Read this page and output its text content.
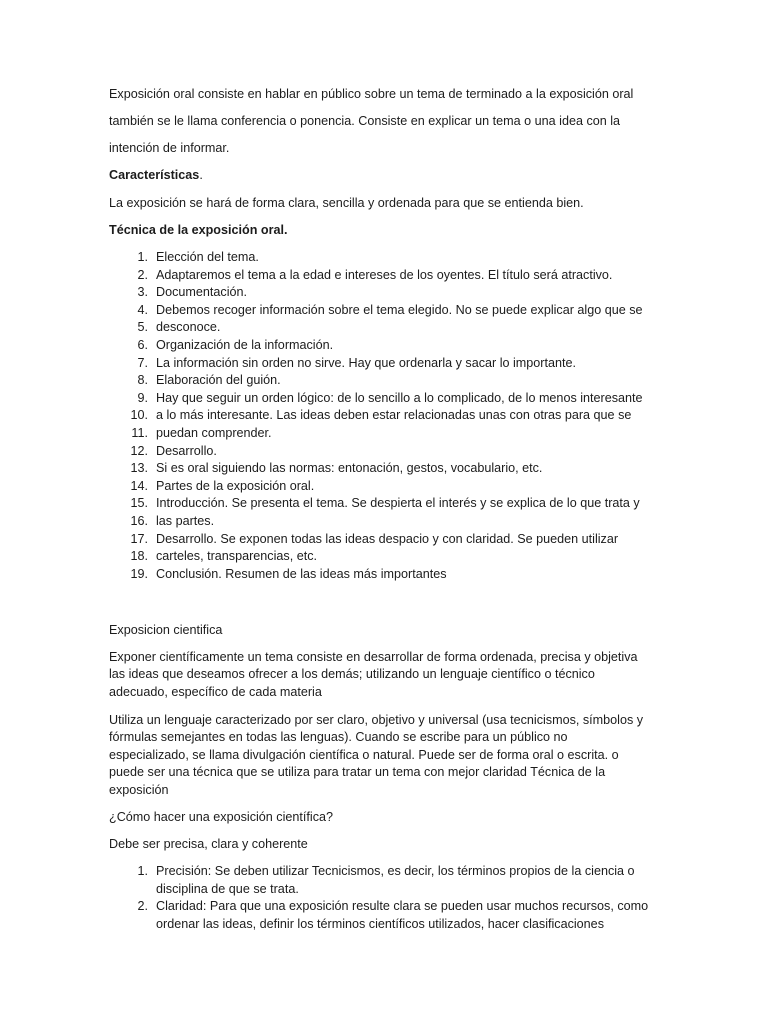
Exposición oral consiste en hablar en público sobre un tema de terminado a la exposición oral
también se le llama conferencia o ponencia. Consiste en explicar un tema o una idea con la
intención de informar.
Características.
La exposición se hará de forma clara, sencilla y ordenada para que se entienda bien.
Técnica de la exposición oral.
1. Elección del tema.
2. Adaptaremos el tema a la edad e intereses de los oyentes. El título será atractivo.
3. Documentación.
4. Debemos recoger información sobre el tema elegido. No se puede explicar algo que se
5. desconoce.
6. Organización de la información.
7. La información sin orden no sirve. Hay que ordenarla y sacar lo importante.
8. Elaboración del guión.
9. Hay que seguir un orden lógico: de lo sencillo a lo complicado, de lo menos interesante
10. a lo más interesante. Las ideas deben estar relacionadas unas con otras para que se
11. puedan comprender.
12. Desarrollo.
13. Si es oral siguiendo las normas: entonación, gestos, vocabulario, etc.
14. Partes de la exposición oral.
15. Introducción. Se presenta el tema. Se despierta el interés y se explica de lo que trata y
16. las partes.
17. Desarrollo. Se exponen todas las ideas despacio y con claridad. Se pueden utilizar
18. carteles, transparencias, etc.
19. Conclusión. Resumen de las ideas más importantes
Exposicion cientifica
Exponer científicamente un tema consiste en desarrollar de forma ordenada, precisa y objetiva
las ideas que deseamos ofrecer a los demás; utilizando un lenguaje científico o técnico
adecuado, específico de cada materia
Utiliza un lenguaje caracterizado por ser claro, objetivo y universal (usa tecnicismos, símbolos y
fórmulas semejantes en todas las lenguas). Cuando se escribe para un público no
especializado, se llama divulgación científica o natural. Puede ser de forma oral o escrita. o
puede ser una técnica que se utiliza para tratar un tema con mejor claridad Técnica de la
exposición
¿Cómo hacer una exposición científica?
Debe ser precisa, clara y coherente
1. Precisión: Se deben utilizar Tecnicismos, es decir, los términos propios de la ciencia o
disciplina de que se trata.
2. Claridad: Para que una exposición resulte clara se pueden usar muchos recursos, como
ordenar las ideas, definir los términos científicos utilizados, hacer clasificaciones
